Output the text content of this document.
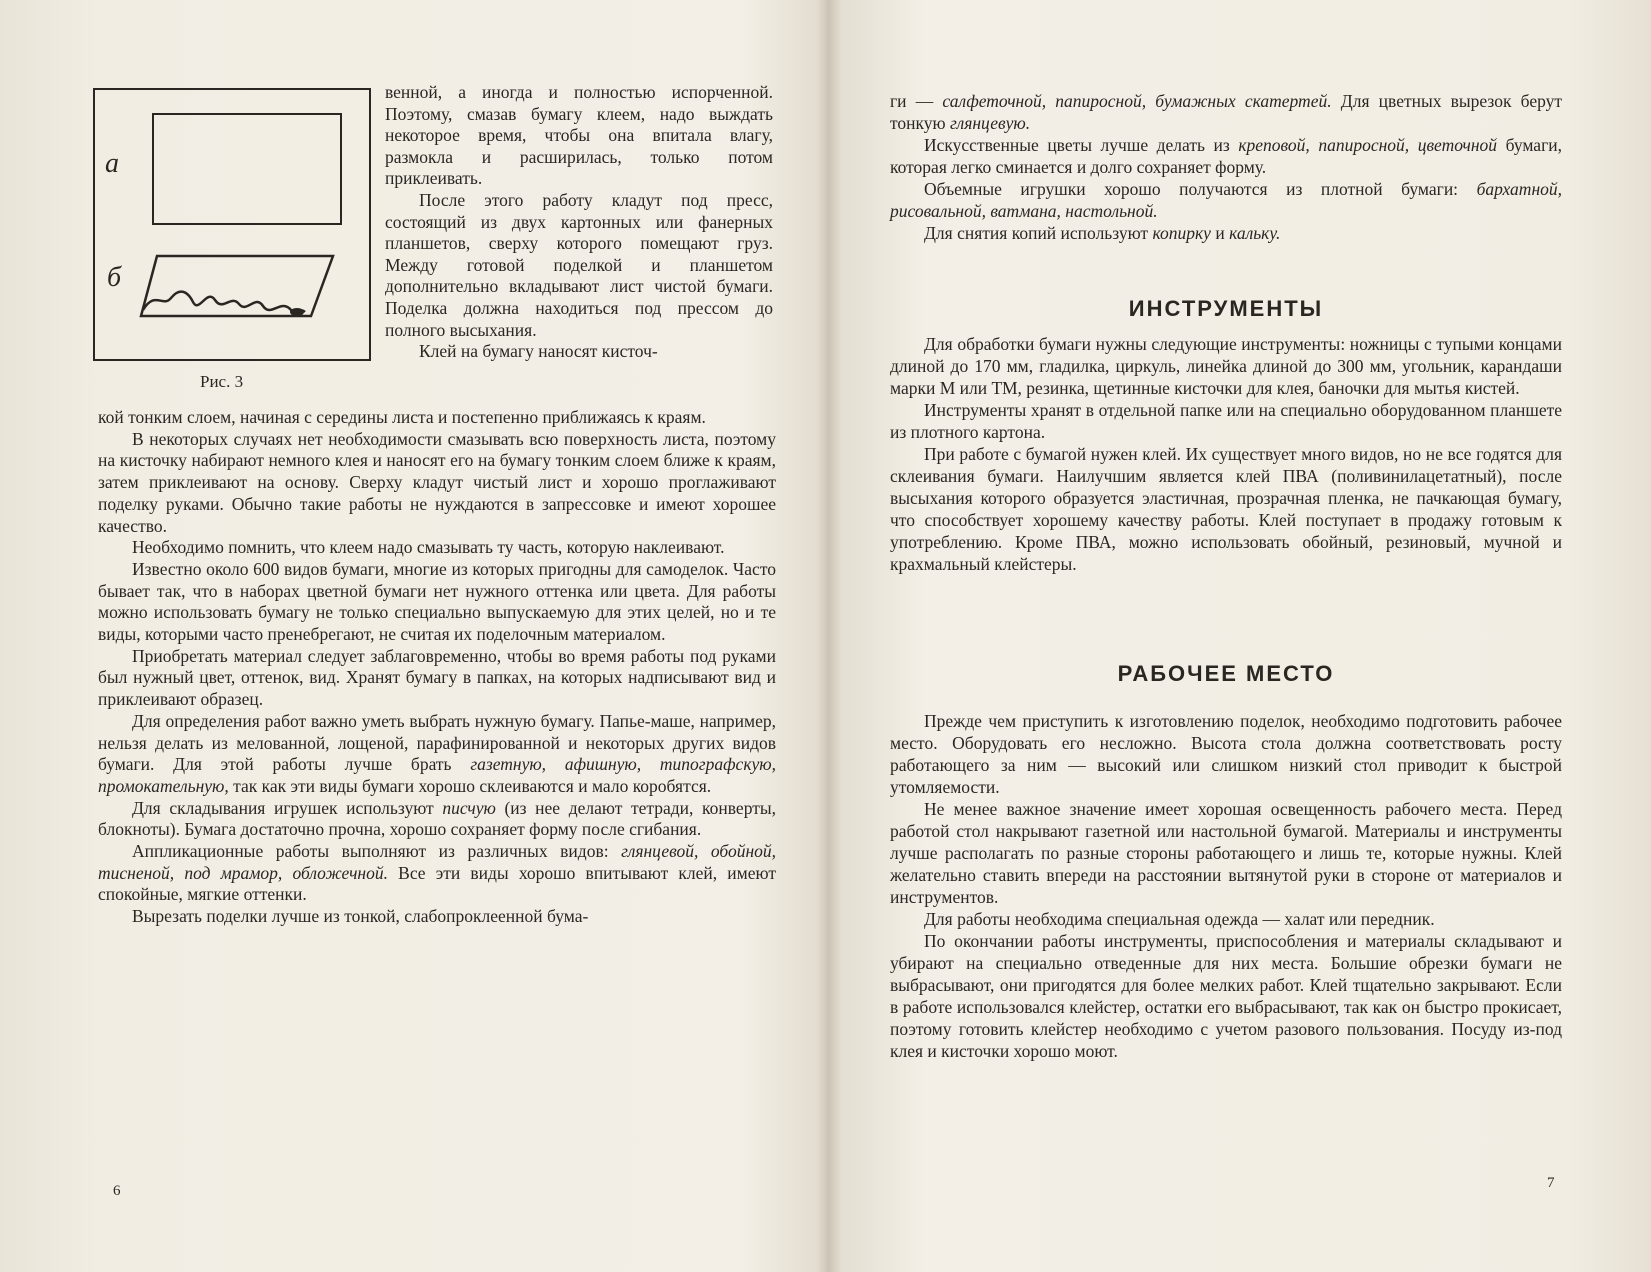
а
б
Рис. 3

венной, а иногда и полностью испорченной. Поэтому, смазав бумагу клеем, надо выждать некоторое время, чтобы она впитала влагу, размокла и расширилась, только потом приклеивать.

После этого работу кладут под пресс, состоящий из двух картонных или фанерных планшетов, сверху которого помещают груз. Между готовой поделкой и планшетом дополнительно вкладывают лист чистой бумаги. Поделка должна находиться под прессом до полного высыхания.

Клей на бумагу наносят кисточ-

кой тонким слоем, начиная с середины листа и постепенно приближаясь к краям.

В некоторых случаях нет необходимости смазывать всю поверхность листа, поэтому на кисточку набирают немного клея и наносят его на бумагу тонким слоем ближе к краям, затем приклеивают на основу. Сверху кладут чистый лист и хорошо проглаживают поделку руками. Обычно такие работы не нуждаются в запрессовке и имеют хорошее качество.

Необходимо помнить, что клеем надо смазывать ту часть, которую наклеивают.

Известно около 600 видов бумаги, многие из которых пригодны для самоделок. Часто бывает так, что в наборах цветной бумаги нет нужного оттенка или цвета. Для работы можно использовать бумагу не только специально выпускаемую для этих целей, но и те виды, которыми часто пренебрегают, не считая их поделочным материалом.

Приобретать материал следует заблаговременно, чтобы во время работы под руками был нужный цвет, оттенок, вид. Хранят бумагу в папках, на которых надписывают вид и приклеивают образец.

Для определения работ важно уметь выбрать нужную бумагу. Папье-маше, например, нельзя делать из мелованной, лощеной, парафинированной и некоторых других видов бумаги. Для этой работы лучше брать газетную, афишную, типографскую, промокательную, так как эти виды бумаги хорошо склеиваются и мало коробятся.

Для складывания игрушек используют писчую (из нее делают тетради, конверты, блокноты). Бумага достаточно прочна, хорошо сохраняет форму после сгибания.

Аппликационные работы выполняют из различных видов: глянцевой, обойной, тисненой, под мрамор, обложечной. Все эти виды хорошо впитывают клей, имеют спокойные, мягкие оттенки.

Вырезать поделки лучше из тонкой, слабопроклеенной бума-

6

ги — салфеточной, папиросной, бумажных скатертей. Для цветных вырезок берут тонкую глянцевую.

Искусственные цветы лучше делать из креповой, папиросной, цветочной бумаги, которая легко сминается и долго сохраняет форму.

Объемные игрушки хорошо получаются из плотной бумаги: бархатной, рисовальной, ватмана, настольной.

Для снятия копий используют копирку и кальку.

ИНСТРУМЕНТЫ

Для обработки бумаги нужны следующие инструменты: ножницы с тупыми концами длиной до 170 мм, гладилка, циркуль, линейка длиной до 300 мм, угольник, карандаши марки М или ТМ, резинка, щетинные кисточки для клея, баночки для мытья кистей.

Инструменты хранят в отдельной папке или на специально оборудованном планшете из плотного картона.

При работе с бумагой нужен клей. Их существует много видов, но не все годятся для склеивания бумаги. Наилучшим является клей ПВА (поливинилацетатный), после высыхания которого образуется эластичная, прозрачная пленка, не пачкающая бумагу, что способствует хорошему качеству работы. Клей поступает в продажу готовым к употреблению. Кроме ПВА, можно использовать обойный, резиновый, мучной и крахмальный клейстеры.

РАБОЧЕЕ МЕСТО

Прежде чем приступить к изготовлению поделок, необходимо подготовить рабочее место. Оборудовать его несложно. Высота стола должна соответствовать росту работающего за ним — высокий или слишком низкий стол приводит к быстрой утомляемости.

Не менее важное значение имеет хорошая освещенность рабочего места. Перед работой стол накрывают газетной или настольной бумагой. Материалы и инструменты лучше располагать по разные стороны работающего и лишь те, которые нужны. Клей желательно ставить впереди на расстоянии вытянутой руки в стороне от материалов и инструментов.

Для работы необходима специальная одежда — халат или передник.

По окончании работы инструменты, приспособления и материалы складывают и убирают на специально отведенные для них места. Большие обрезки бумаги не выбрасывают, они пригодятся для более мелких работ. Клей тщательно закрывают. Если в работе использовался клейстер, остатки его выбрасывают, так как он быстро прокисает, поэтому готовить клейстер необходимо с учетом разового пользования. Посуду из-под клея и кисточки хорошо моют.

7
